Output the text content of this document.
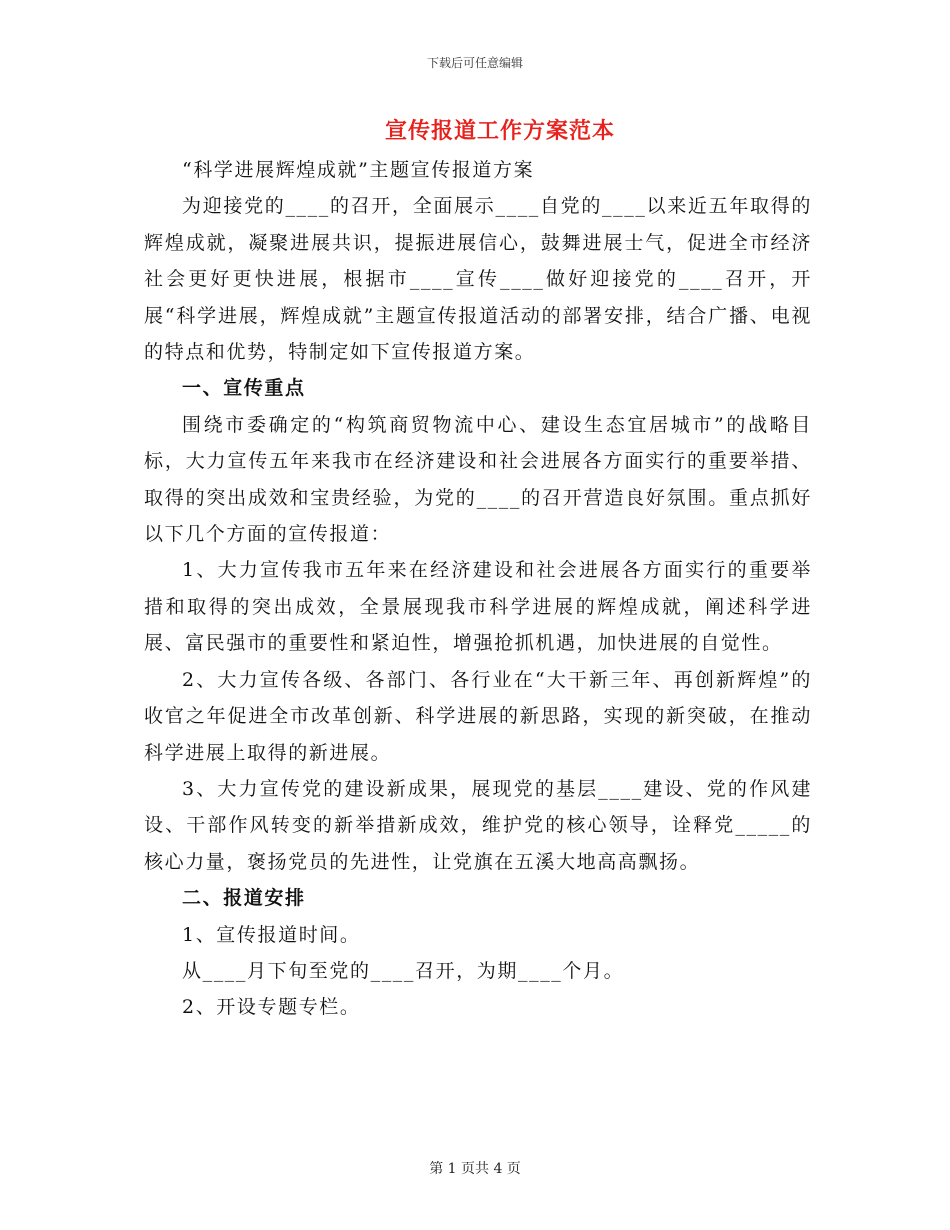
下载后可任意编辑
宣传报道工作方案范本

“科学进展辉煌成就”主题宣传报道方案

为迎接党的____的召开，全面展示____自党的____以来近五年取得的辉煌成就，凝聚进展共识，提振进展信心，鼓舞进展士气，促进全市经济社会更好更快进展，根据市____宣传____做好迎接党的____召开，开展“科学进展，辉煌成就”主题宣传报道活动的部署安排，结合广播、电视的特点和优势，特制定如下宣传报道方案。

一、宣传重点

围绕市委确定的“构筑商贸物流中心、建设生态宜居城市”的战略目标，大力宣传五年来我市在经济建设和社会进展各方面实行的重要举措、取得的突出成效和宝贵经验，为党的____的召开营造良好氛围。重点抓好以下几个方面的宣传报道：

1、大力宣传我市五年来在经济建设和社会进展各方面实行的重要举措和取得的突出成效，全景展现我市科学进展的辉煌成就，阐述科学进展、富民强市的重要性和紧迫性，增强抢抓机遇，加快进展的自觉性。

2、大力宣传各级、各部门、各行业在“大干新三年、再创新辉煌”的收官之年促进全市改革创新、科学进展的新思路，实现的新突破，在推动科学进展上取得的新进展。

3、大力宣传党的建设新成果，展现党的基层____建设、党的作风建设、干部作风转变的新举措新成效，维护党的核心领导，诠释党_____的核心力量，褒扬党员的先进性，让党旗在五溪大地高高飘扬。

二、报道安排

1、宣传报道时间。

从____月下旬至党的____召开，为期____个月。

2、开设专题专栏。

第 1 页共 4 页
